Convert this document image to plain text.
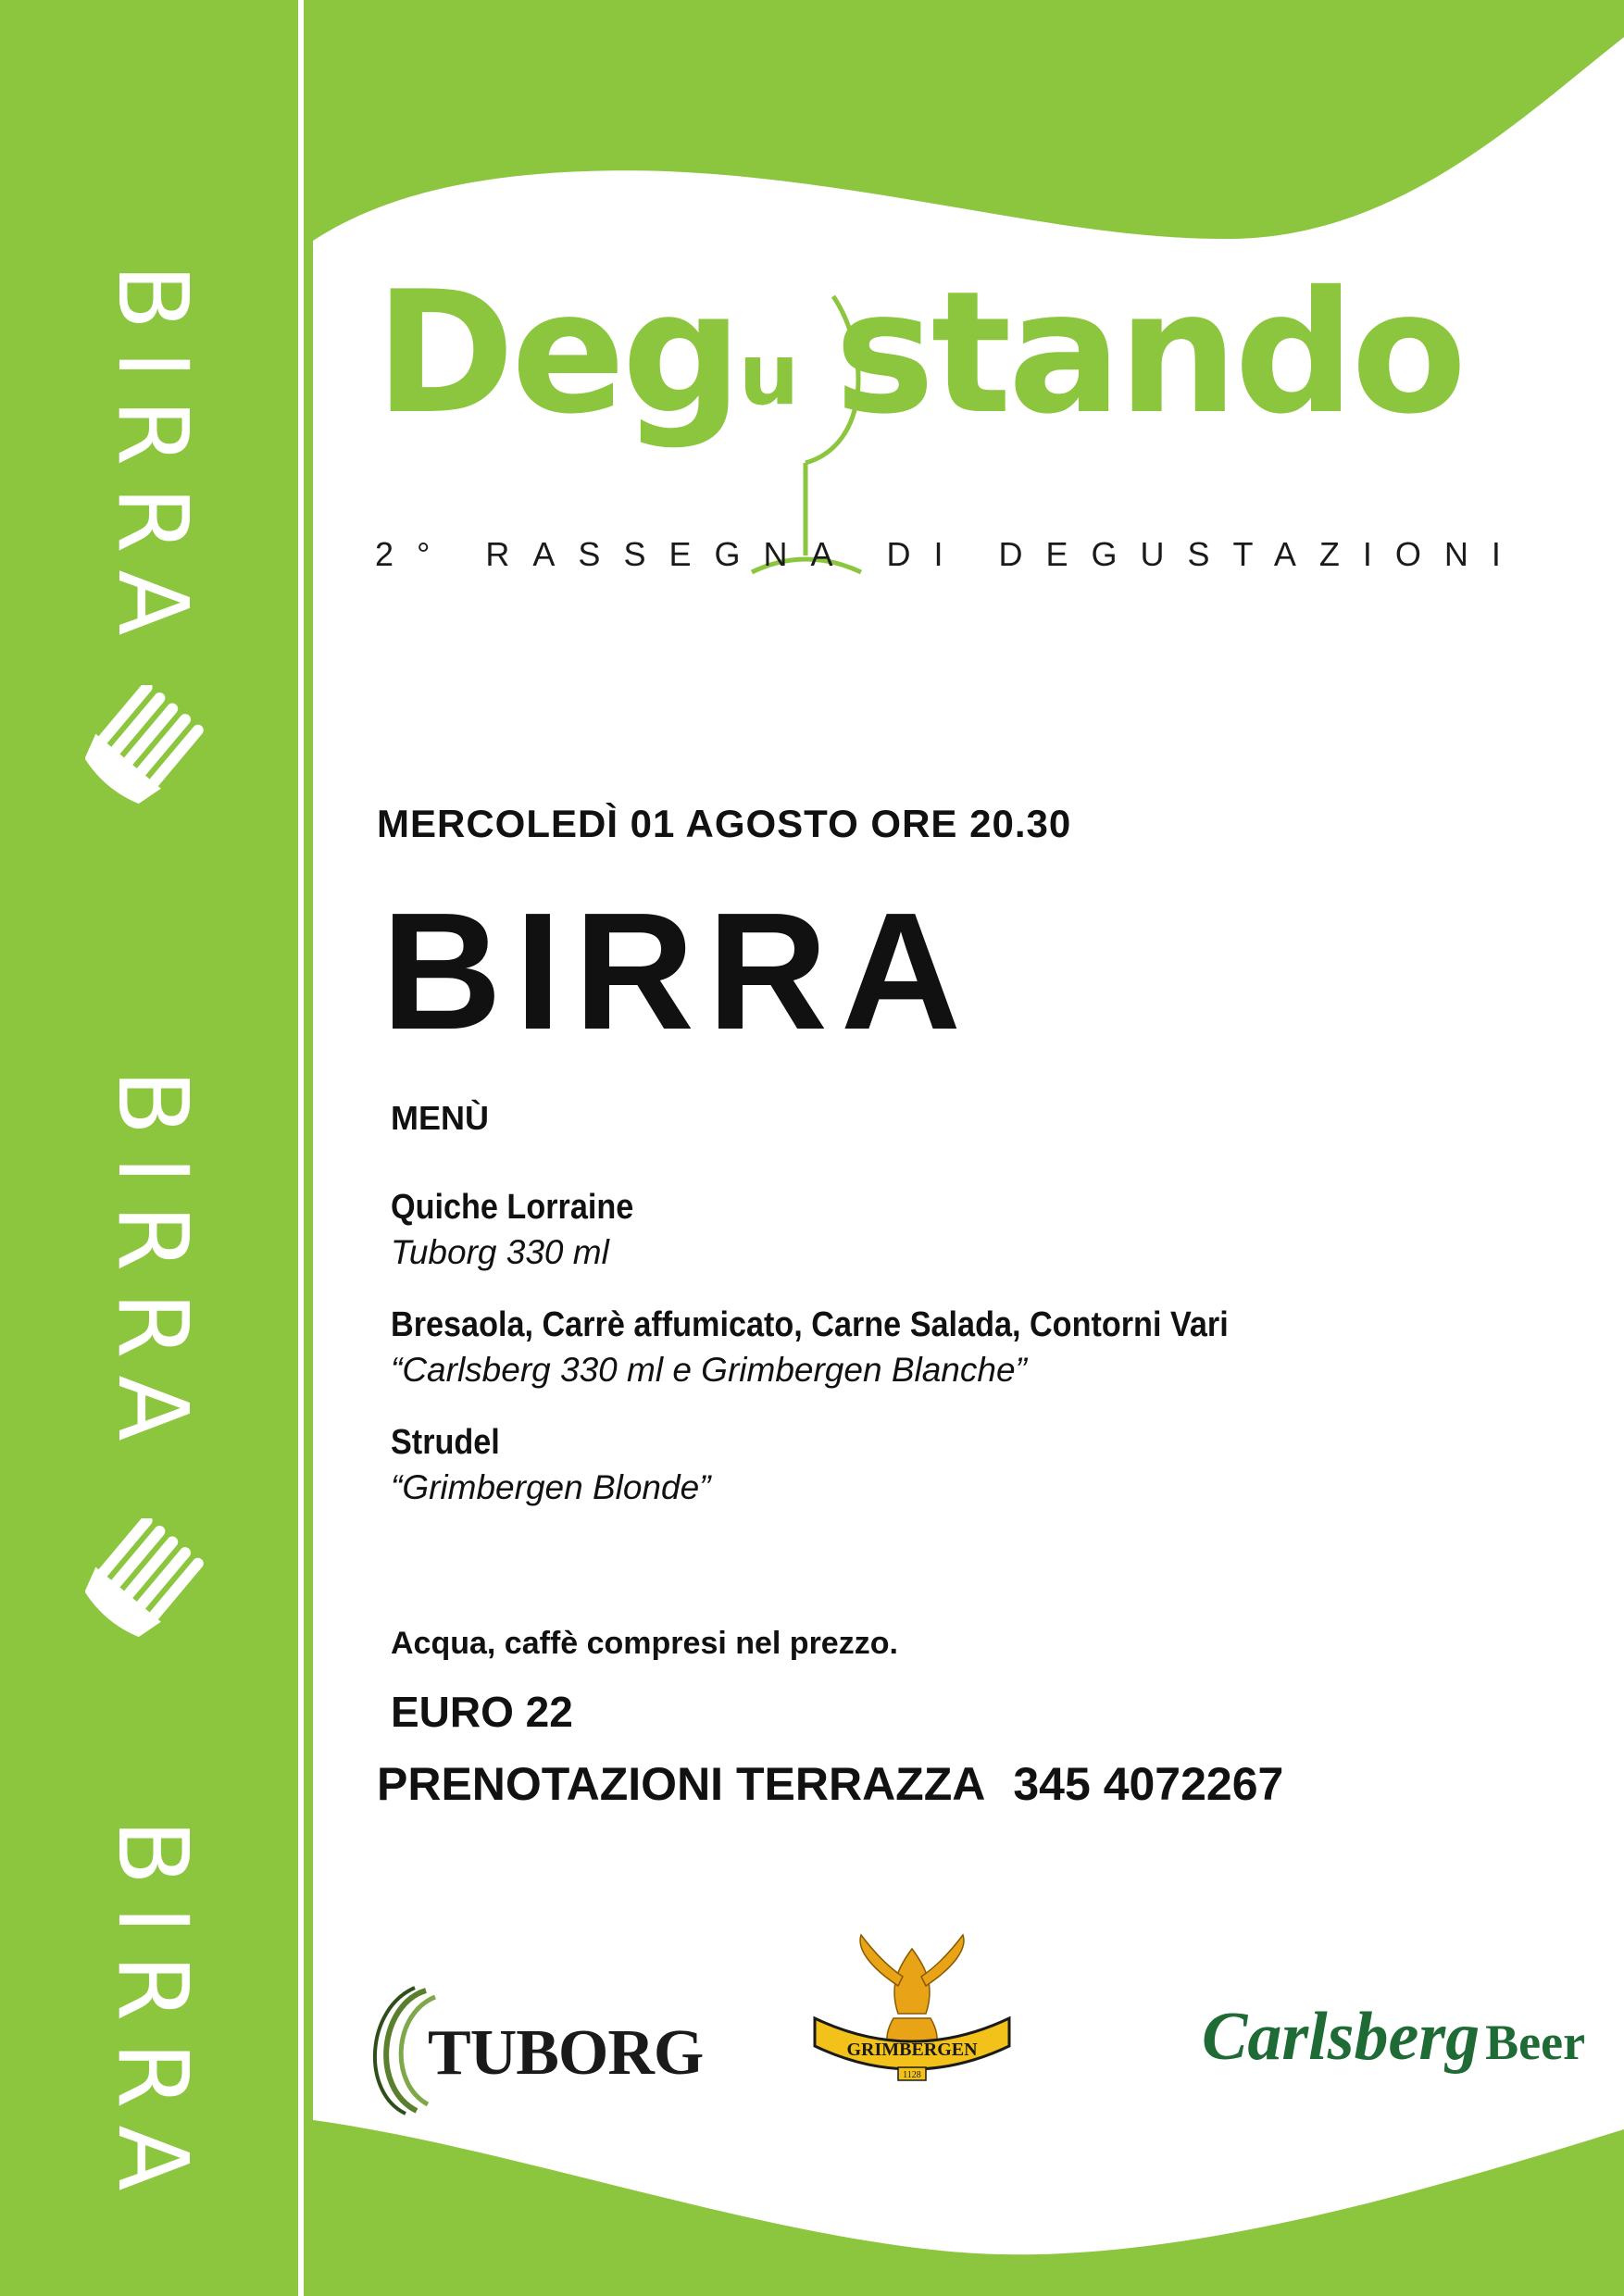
BIRRA
BIRRA
BIRRA
Degu stando
2° RASSEGNA DI DEGUSTAZIONI
MERCOLEDÌ 01 AGOSTO ORE 20.30
BIRRA
MENÙ
Quiche Lorraine
Tuborg 330 ml
Bresaola, Carrè affumicato, Carne Salada, Contorni Vari
“Carlsberg 330 ml e Grimbergen Blanche”
Strudel
“Grimbergen Blonde”
Acqua, caffè compresi nel prezzo.
EURO 22
PRENOTAZIONI TERRAZZA 345 4072267
TUBORG	GRIMBERGEN
1128
Carlsberg Beer
